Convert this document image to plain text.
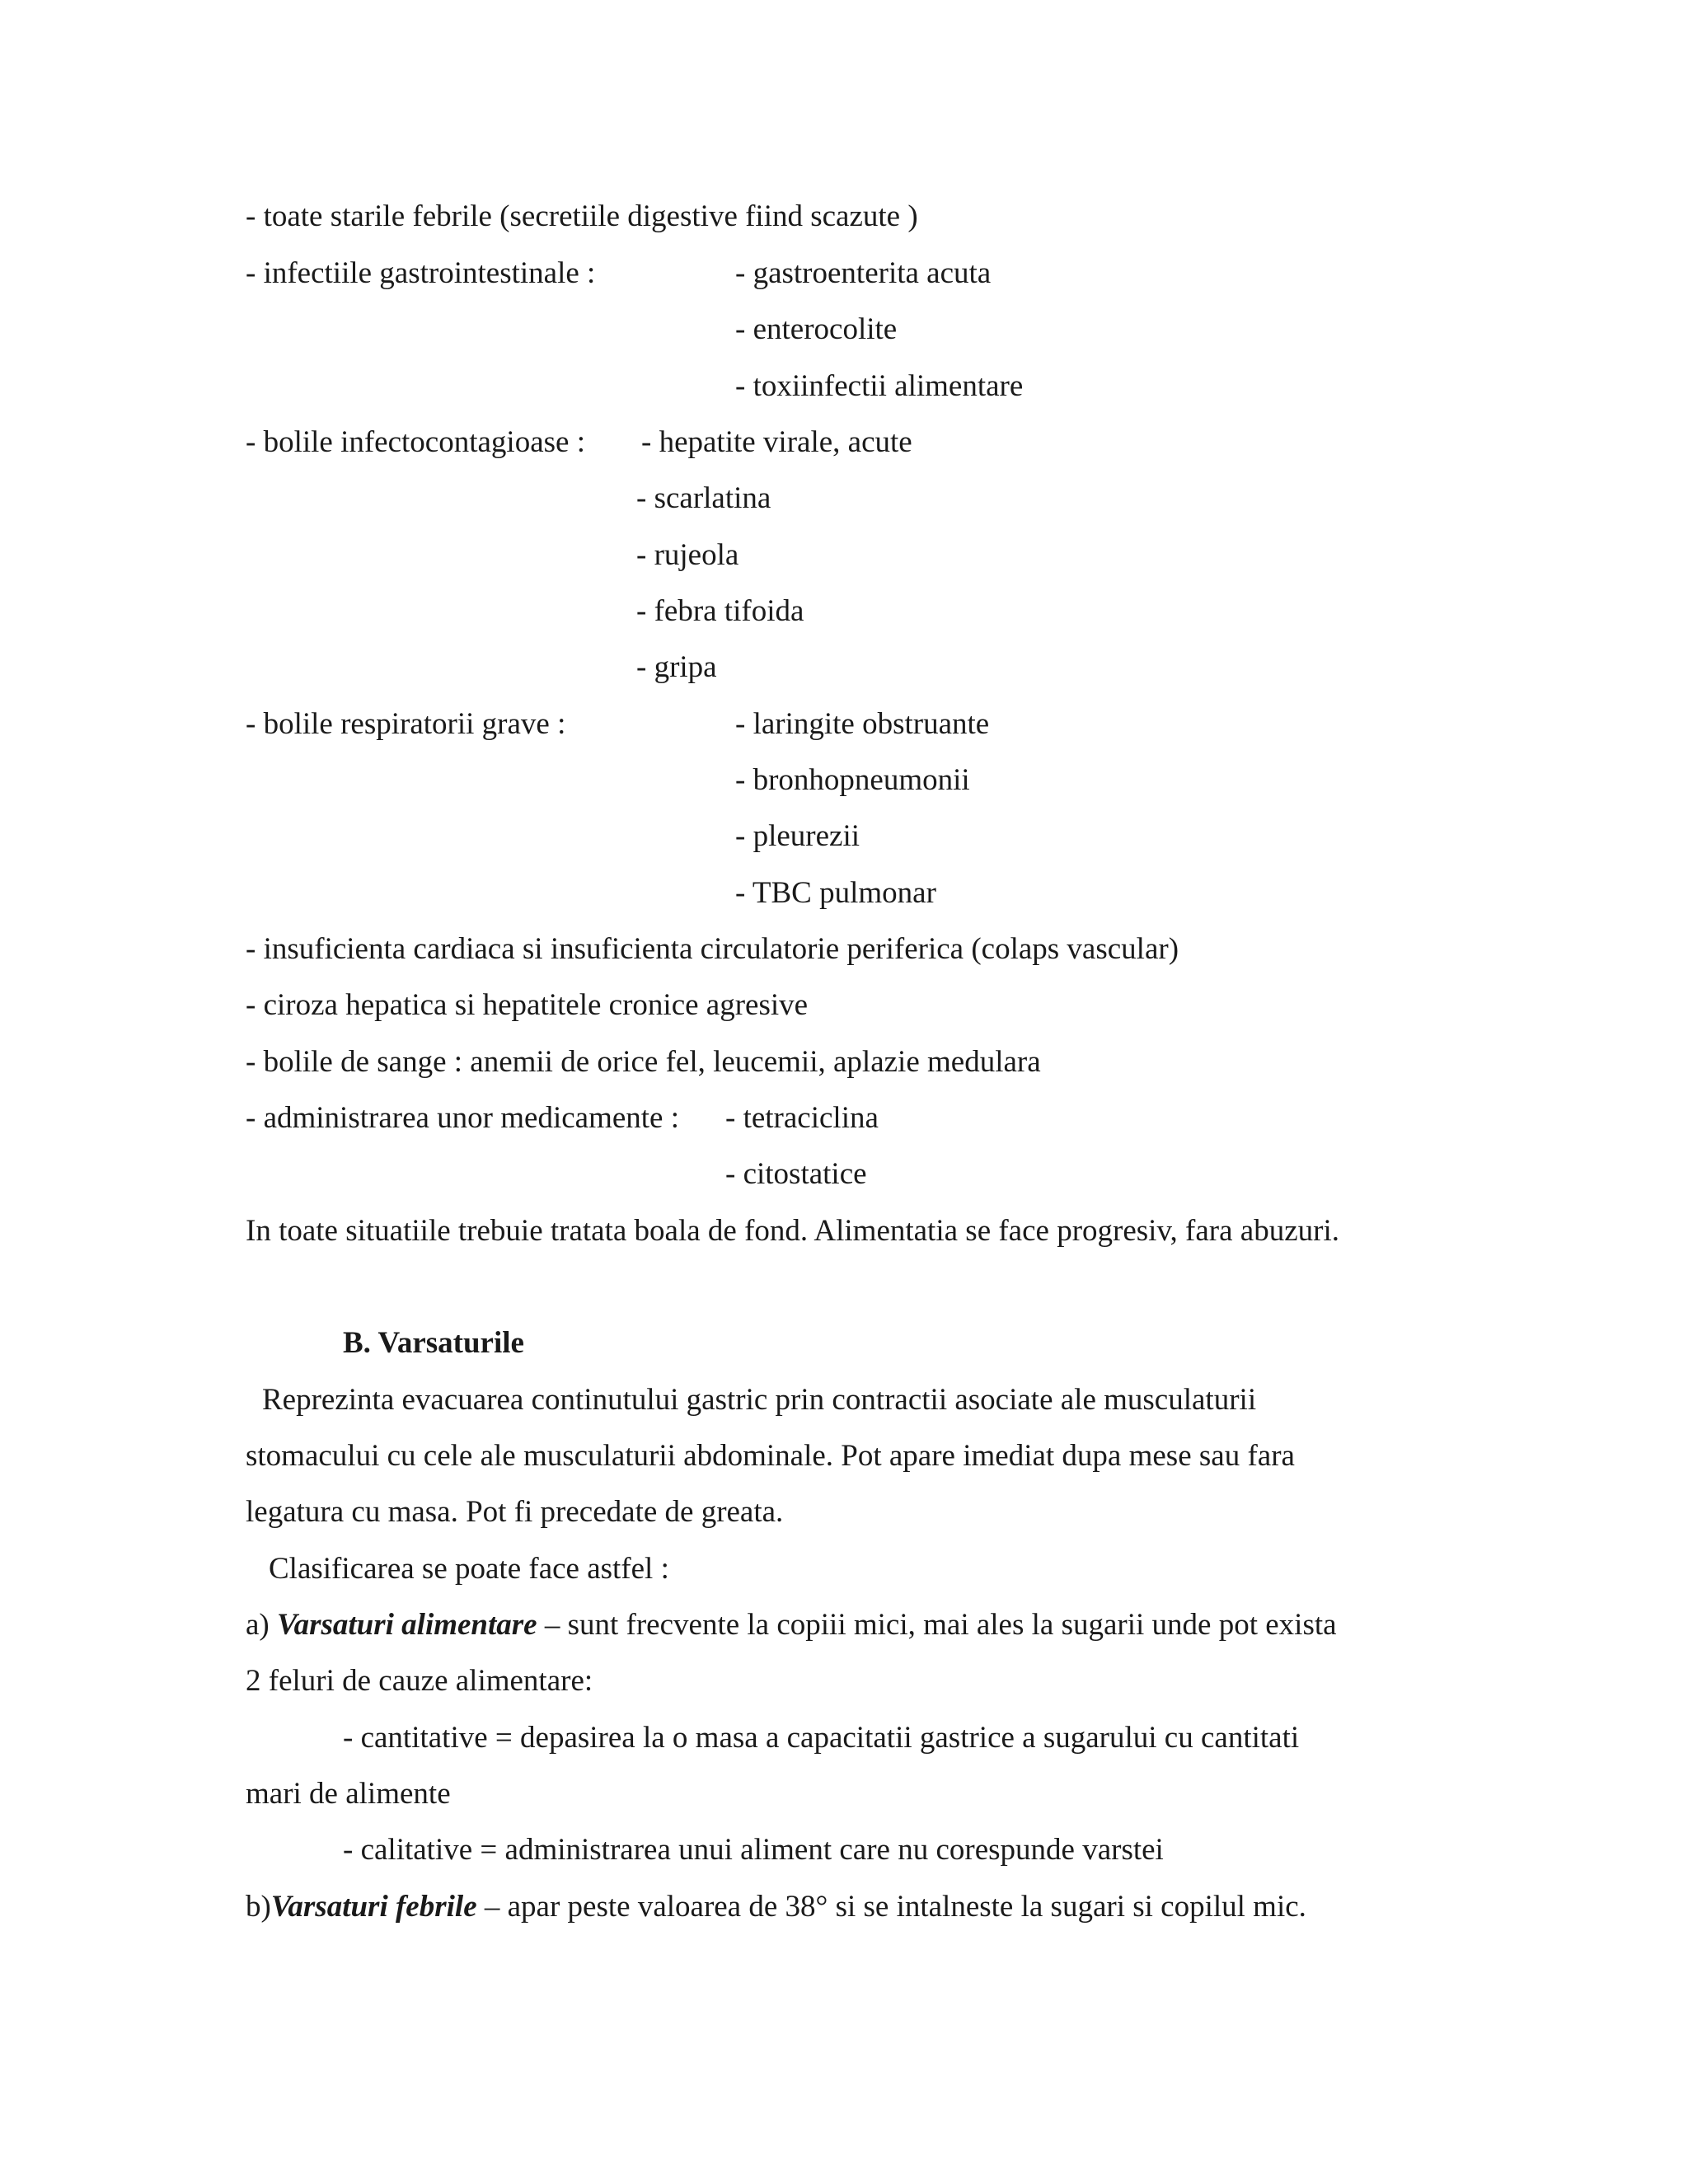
- toate starile febrile (secretiile digestive fiind scazute )
- infectiile gastrointestinale :	- gastroenterita acuta
- enterocolite
- toxiinfectii alimentare
- bolile infectocontagioase : - hepatite virale, acute
- scarlatina
- rujeola
- febra tifoida
- gripa
- bolile respiratorii grave :	- laringite obstruante
- bronhopneumonii
- pleurezii
- TBC pulmonar
- insuficienta cardiaca si insuficienta circulatorie periferica (colaps vascular)
- ciroza hepatica si hepatitele cronice agresive
- bolile de sange : anemii de orice fel, leucemii, aplazie medulara
- administrarea unor medicamente : - tetraciclina
- citostatice
In toate situatiile trebuie tratata boala de fond. Alimentatia se face progresiv, fara abuzuri.
B. Varsaturile
Reprezinta evacuarea continutului gastric prin contractii asociate ale musculaturii
stomacului cu cele ale musculaturii abdominale. Pot apare imediat dupa mese sau fara
legatura cu masa. Pot fi precedate de greata.
Clasificarea se poate face astfel :
a) Varsaturi alimentare – sunt frecvente la copiii mici, mai ales la sugarii unde pot exista
2 feluri de cauze alimentare:
- cantitative = depasirea la o masa a capacitatii gastrice a sugarului cu cantitati
mari de alimente
- calitative = administrarea unui aliment care nu corespunde varstei
b)Varsaturi febrile – apar peste valoarea de 38° si se intalneste la sugari si copilul mic.
